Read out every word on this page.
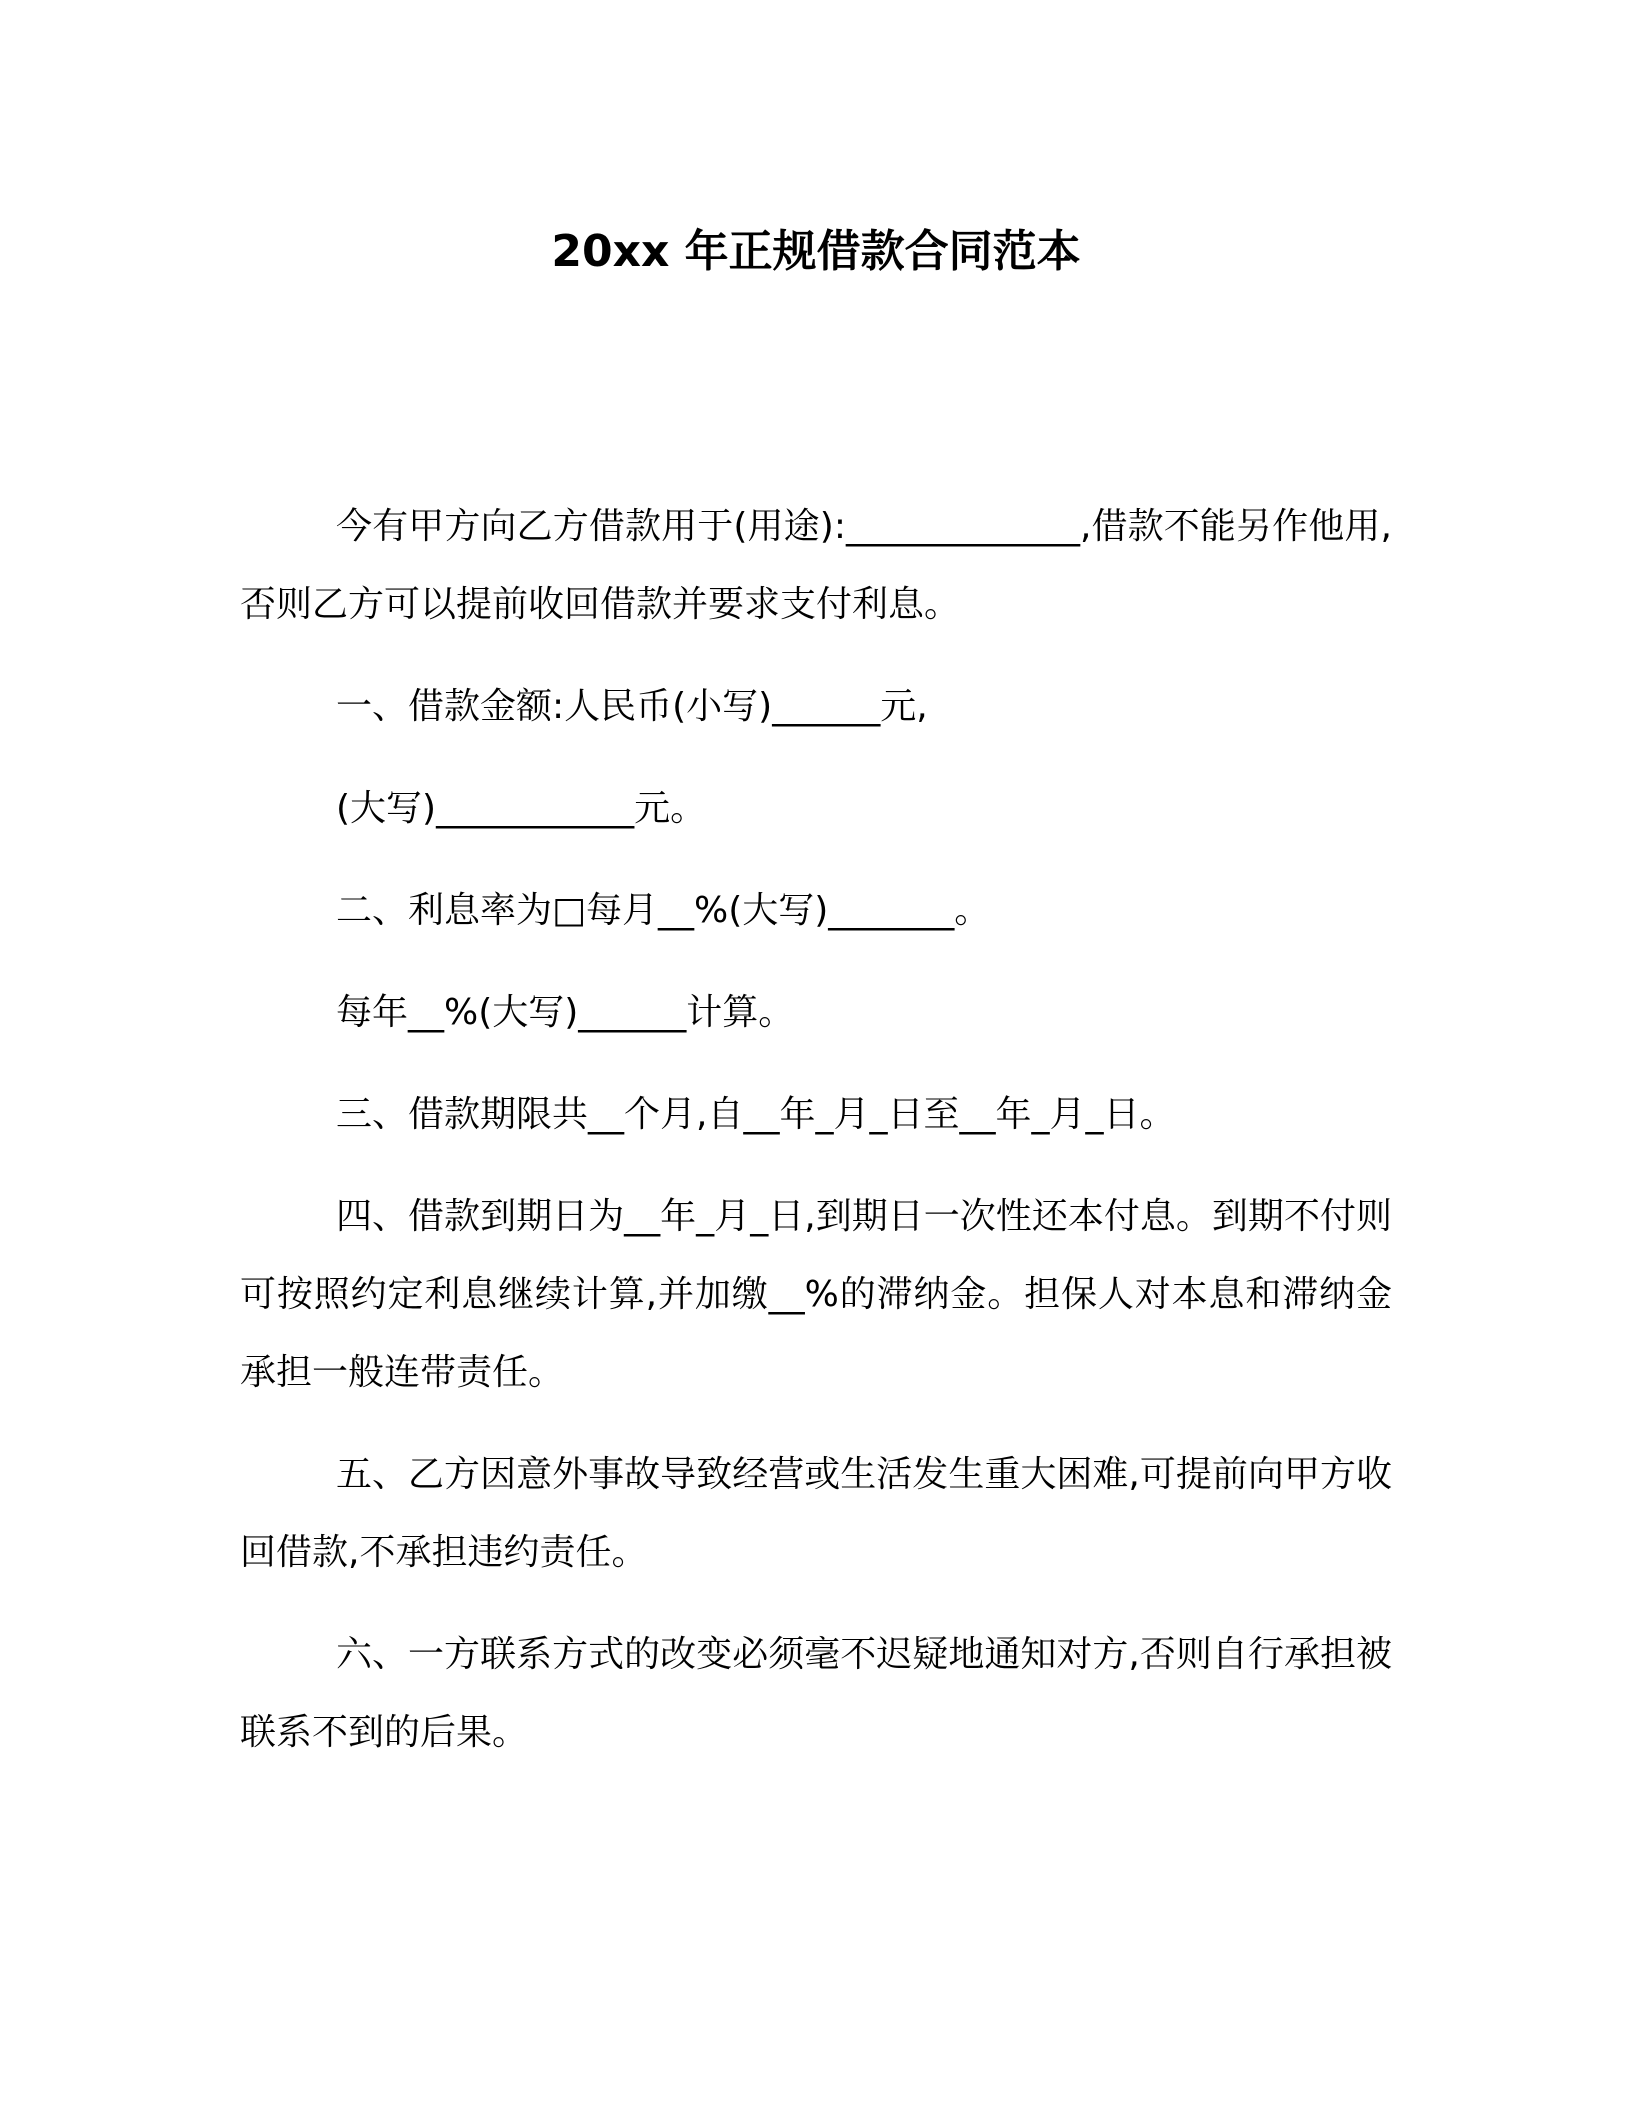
20xx 年正规借款合同范本

今有甲方向乙方借款用于(用途):_____________,借款不能另作他用,否则乙方可以提前收回借款并要求支付利息。

一、借款金额:人民币(小写)______元,

(大写)___________元。

二、利息率为□每月__%(大写)_______。

每年__%(大写)______计算。

三、借款期限共__个月,自__年_月_日至__年_月_日。

四、借款到期日为__年_月_日,到期日一次性还本付息。到期不付则可按照约定利息继续计算,并加缴__%的滞纳金。担保人对本息和滞纳金承担一般连带责任。

五、乙方因意外事故导致经营或生活发生重大困难,可提前向甲方收回借款,不承担违约责任。

六、一方联系方式的改变必须毫不迟疑地通知对方,否则自行承担被联系不到的后果。
